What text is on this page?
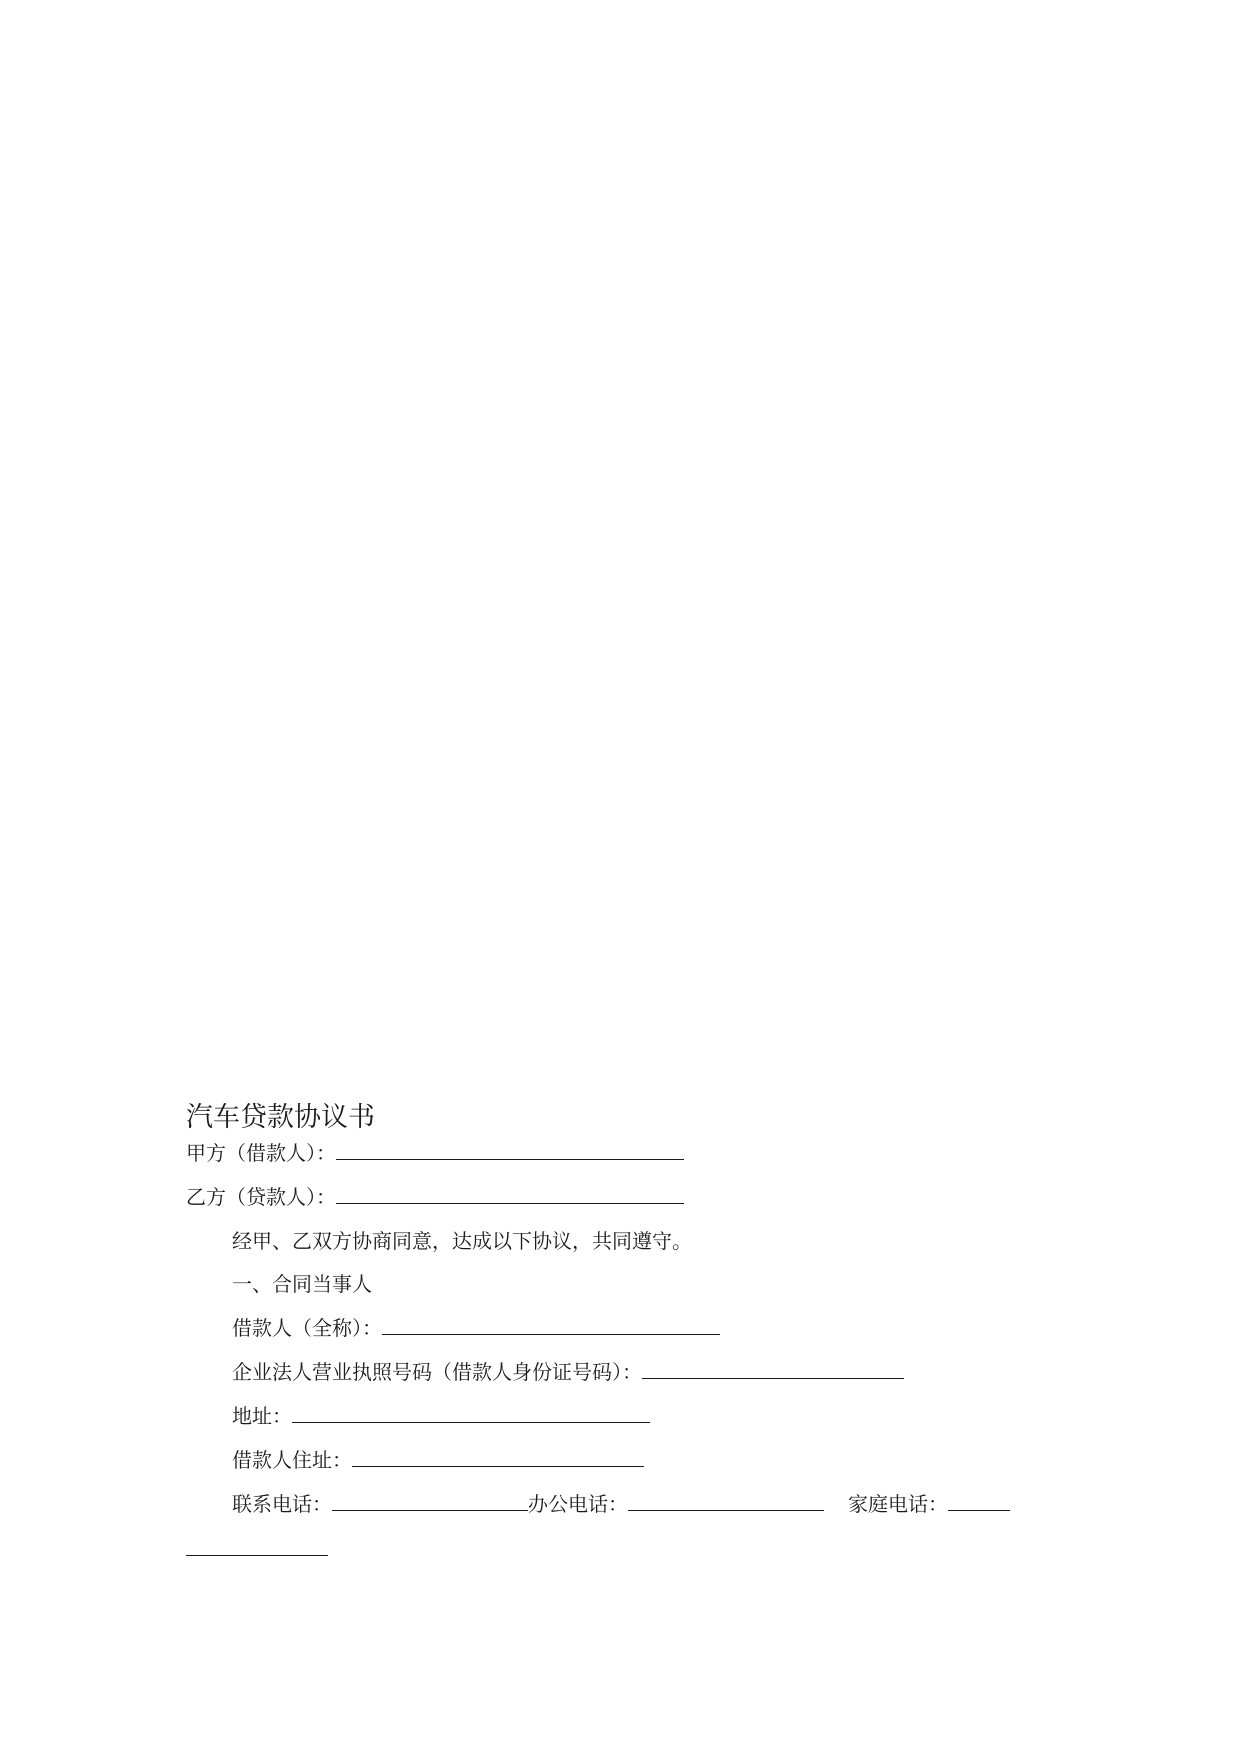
汽车贷款协议书
甲方（借款人）：
乙方（贷款人）：
经甲、乙双方协商同意，达成以下协议，共同遵守。
一、合同当事人
借款人（全称）：
企业法人营业执照号码（借款人身份证号码）：
地址：
借款人住址：
联系电话：	办公电话：	家庭电话：
